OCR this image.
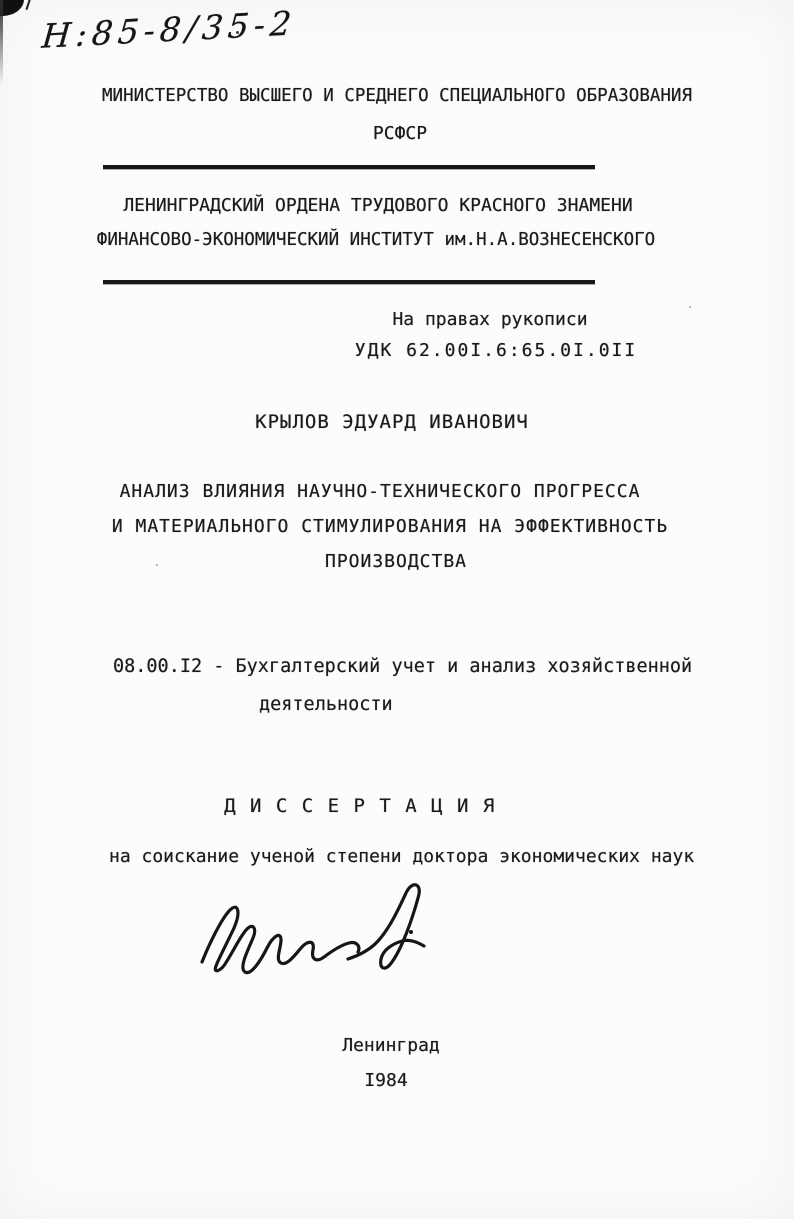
Н:85-8/35-2
МИНИСТЕРСТВО ВЫСШЕГО И СРЕДНЕГО СПЕЦИАЛЬНОГО ОБРАЗОВАНИЯ
РСФСР
ЛЕНИНГРАДСКИЙ ОРДЕНА ТРУДОВОГО КРАСНОГО ЗНАМЕНИ
ФИНАНСОВО-ЭКОНОМИЧЕСКИЙ ИНСТИТУТ им.Н.А.ВОЗНЕСЕНСКОГО
На правах рукописи
УДК 62.00I.6:65.0I.0II
КРЫЛОВ ЭДУАРД ИВАНОВИЧ
АНАЛИЗ ВЛИЯНИЯ НАУЧНО-ТЕХНИЧЕСКОГО ПРОГРЕССА
И МАТЕРИАЛЬНОГО СТИМУЛИРОВАНИЯ НА ЭФФЕКТИВНОСТЬ
ПРОИЗВОДСТВА
08.00.I2 - Бухгалтерский учет и анализ хозяйственной
деятельности
Д И С С Е Р Т А Ц И Я
на соискание ученой степени доктора экономических наук
Ленинград
I984
